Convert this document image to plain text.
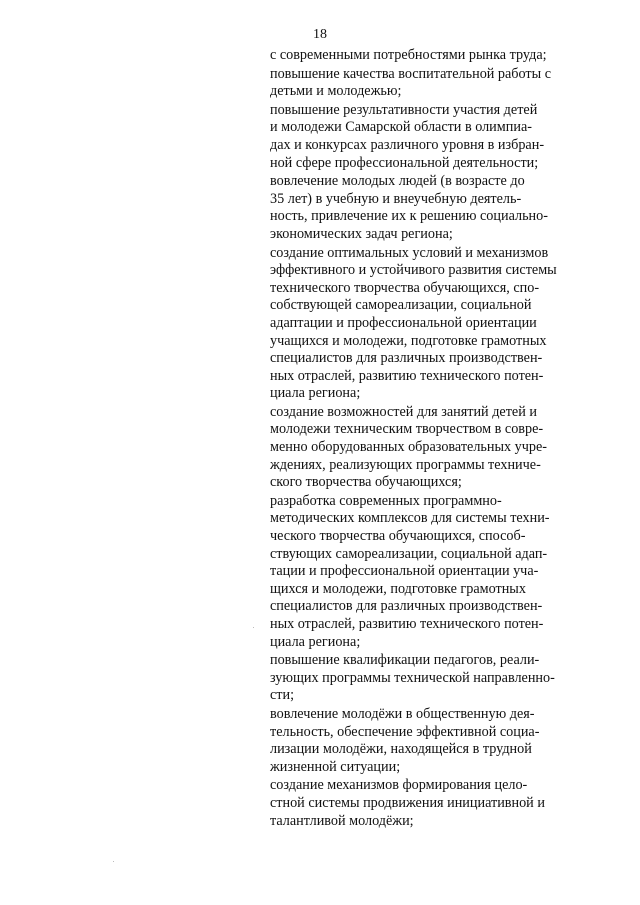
18

с современными потребностями рынка труда;

повышение качества воспитательной работы с
детьми и молодежью;

повышение результативности участия детей
и молодежи Самарской области в олимпиа-
дах и конкурсах различного уровня в избран-
ной сфере профессиональной деятельности;

вовлечение молодых людей (в возрасте до
35 лет) в учебную и внеучебную деятель-
ность, привлечение их к решению социально-
экономических задач региона;

создание оптимальных условий и механизмов
эффективного и устойчивого развития системы
технического творчества обучающихся, спо-
собствующей самореализации, социальной
адаптации и профессиональной ориентации
учащихся и молодежи, подготовке грамотных
специалистов для различных производствен-
ных отраслей, развитию технического потен-
циала региона;

создание возможностей для занятий детей и
молодежи техническим творчеством в совре-
менно оборудованных образовательных учре-
ждениях, реализующих программы техниче-
ского творчества обучающихся;

разработка современных программно-
методических комплексов для системы техни-
ческого творчества обучающихся, способ-
ствующих самореализации, социальной адап-
тации и профессиональной ориентации уча-
щихся и молодежи, подготовке грамотных
специалистов для различных производствен-
ных отраслей, развитию технического потен-
циала региона;

повышение квалификации педагогов, реали-
зующих программы технической направленно-
сти;

вовлечение молодёжи в общественную дея-
тельность, обеспечение эффективной социа-
лизации молодёжи, находящейся в трудной
жизненной ситуации;

создание механизмов формирования цело-
стной системы продвижения инициативной и
талантливой молодёжи;
